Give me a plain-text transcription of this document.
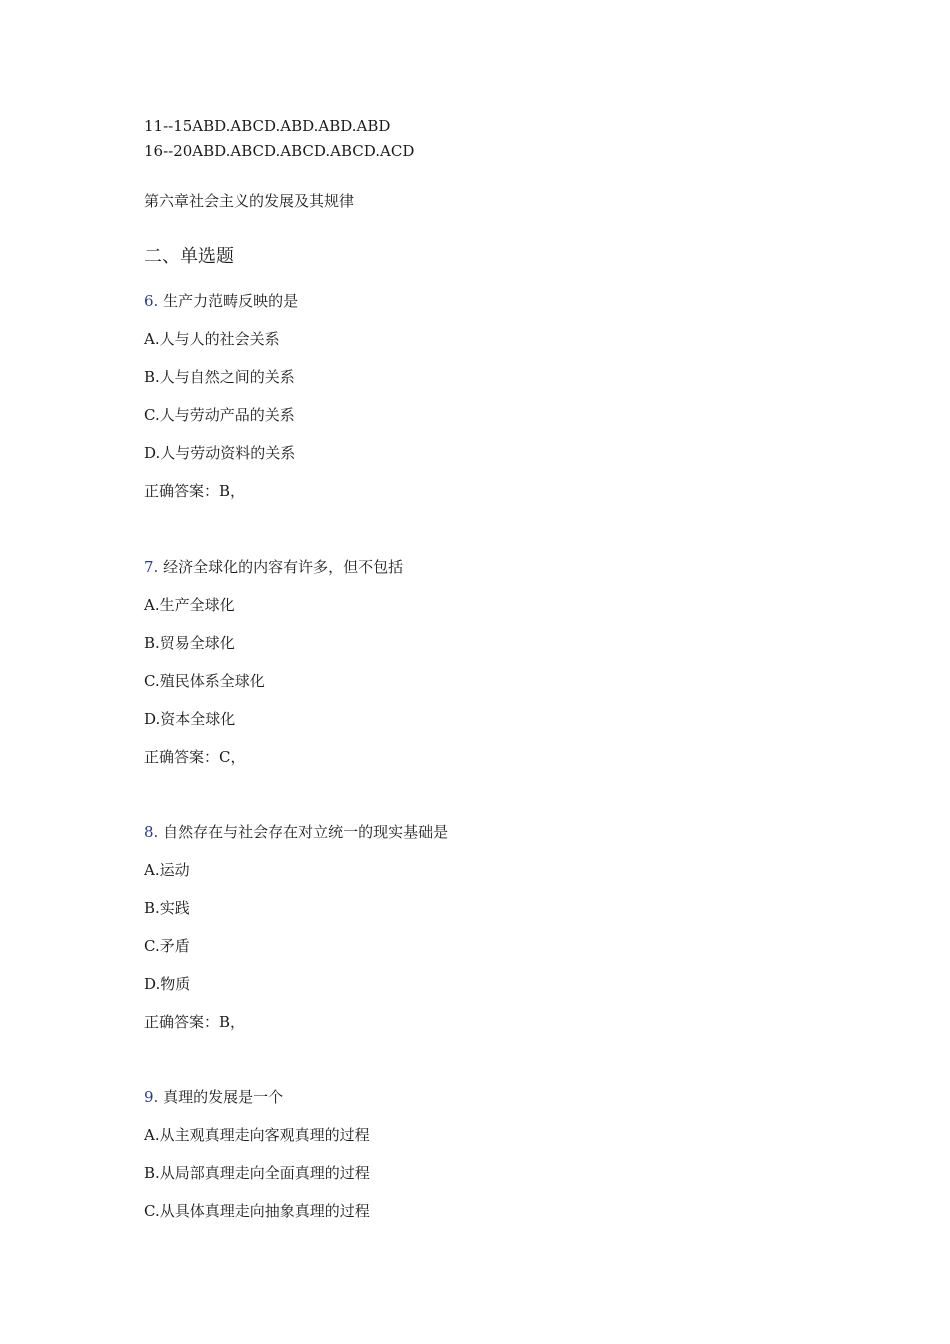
11--15ABD.ABCD.ABD.ABD.ABD
16--20ABD.ABCD.ABCD.ABCD.ACD
第六章社会主义的发展及其规律
二、单选题
6. 生产力范畴反映的是
A.人与人的社会关系
B.人与自然之间的关系
C.人与劳动产品的关系
D.人与劳动资料的关系
正确答案：B，
7. 经济全球化的内容有许多，但不包括
A.生产全球化
B.贸易全球化
C.殖民体系全球化
D.资本全球化
正确答案：C，
8. 自然存在与社会存在对立统一的现实基础是
A.运动
B.实践
C.矛盾
D.物质
正确答案：B，
9. 真理的发展是一个
A.从主观真理走向客观真理的过程
B.从局部真理走向全面真理的过程
C.从具体真理走向抽象真理的过程
